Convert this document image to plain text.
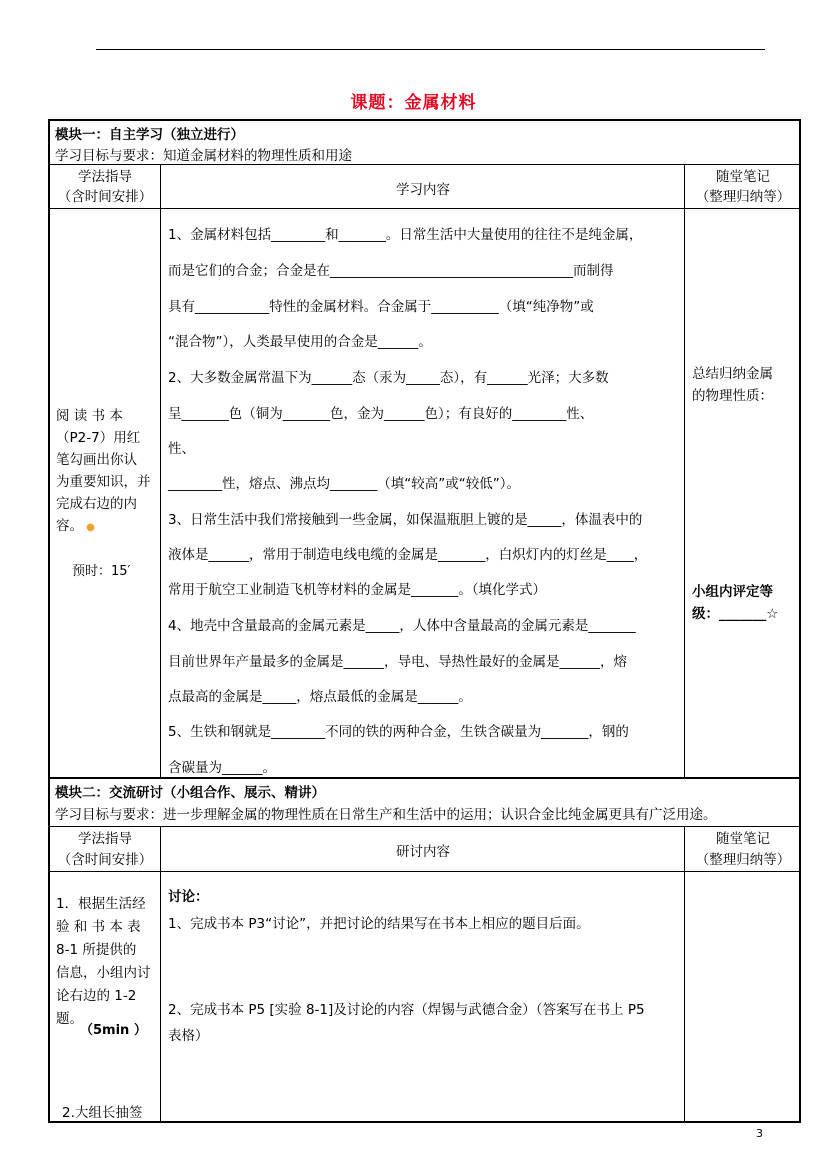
课题：金属材料
模块一：自主学习（独立进行）
学习目标与要求：知道金属材料的物理性质和用途
学法指导
（含时间安排）	学习内容
随堂笔记
（整理归纳等）
阅 读 书 本
（P2-7）用红
笔勾画出你认
为重要知识，并
完成右边的内
容。 ●
预时：15′
1、金属材料包括________和_______。日常生活中大量使用的往往不是纯金属，
而是它们的合金；合金是在____________________________________而制得
具有___________特性的金属材料。合金属于__________（填“纯净物”或
“混合物”），人类最早使用的合金是______。
2、大多数金属常温下为______态（汞为_____态），有______光泽；大多数
呈_______色（铜为_______色，金为______色）；有良好的________性、
性、
________性，熔点、沸点均_______（填“较高”或“较低”）。
3、日常生活中我们常接触到一些金属，如保温瓶胆上镀的是_____，体温表中的
液体是______，常用于制造电线电缆的金属是_______，白炽灯内的灯丝是____，
常用于航空工业制造飞机等材料的金属是_______。（填化学式）
4、地壳中含量最高的金属元素是_____，人体中含量最高的金属元素是_______
目前世界年产量最多的金属是______，导电、导热性最好的金属是______，熔
点最高的金属是_____，熔点最低的金属是______。
5、生铁和钢就是________不同的铁的两种合金，生铁含碳量为_______，钢的
含碳量为______。
总结归纳金属
的物理性质：
小组内评定等
级：_______☆
模块二：交流研讨（小组合作、展示、精讲）
学习目标与要求：进一步理解金属的物理性质在日常生产和生活中的运用；认识合金比纯金属更具有广泛用途。
学法指导
（含时间安排）	研讨内容
随堂笔记
（整理归纳等）
1．根据生活经
验 和 书 本 表
8-1 所提供的
信息，小组内讨
论右边的 1-2
题。
（5min ）
2.大组长抽签
讨论：
1、完成书本 P3“讨论”，并把讨论的结果写在书本上相应的题目后面。
2、完成书本 P5 [实验 8-1]及讨论的内容（焊锡与武德合金）（答案写在书上 P5
表格）
3
